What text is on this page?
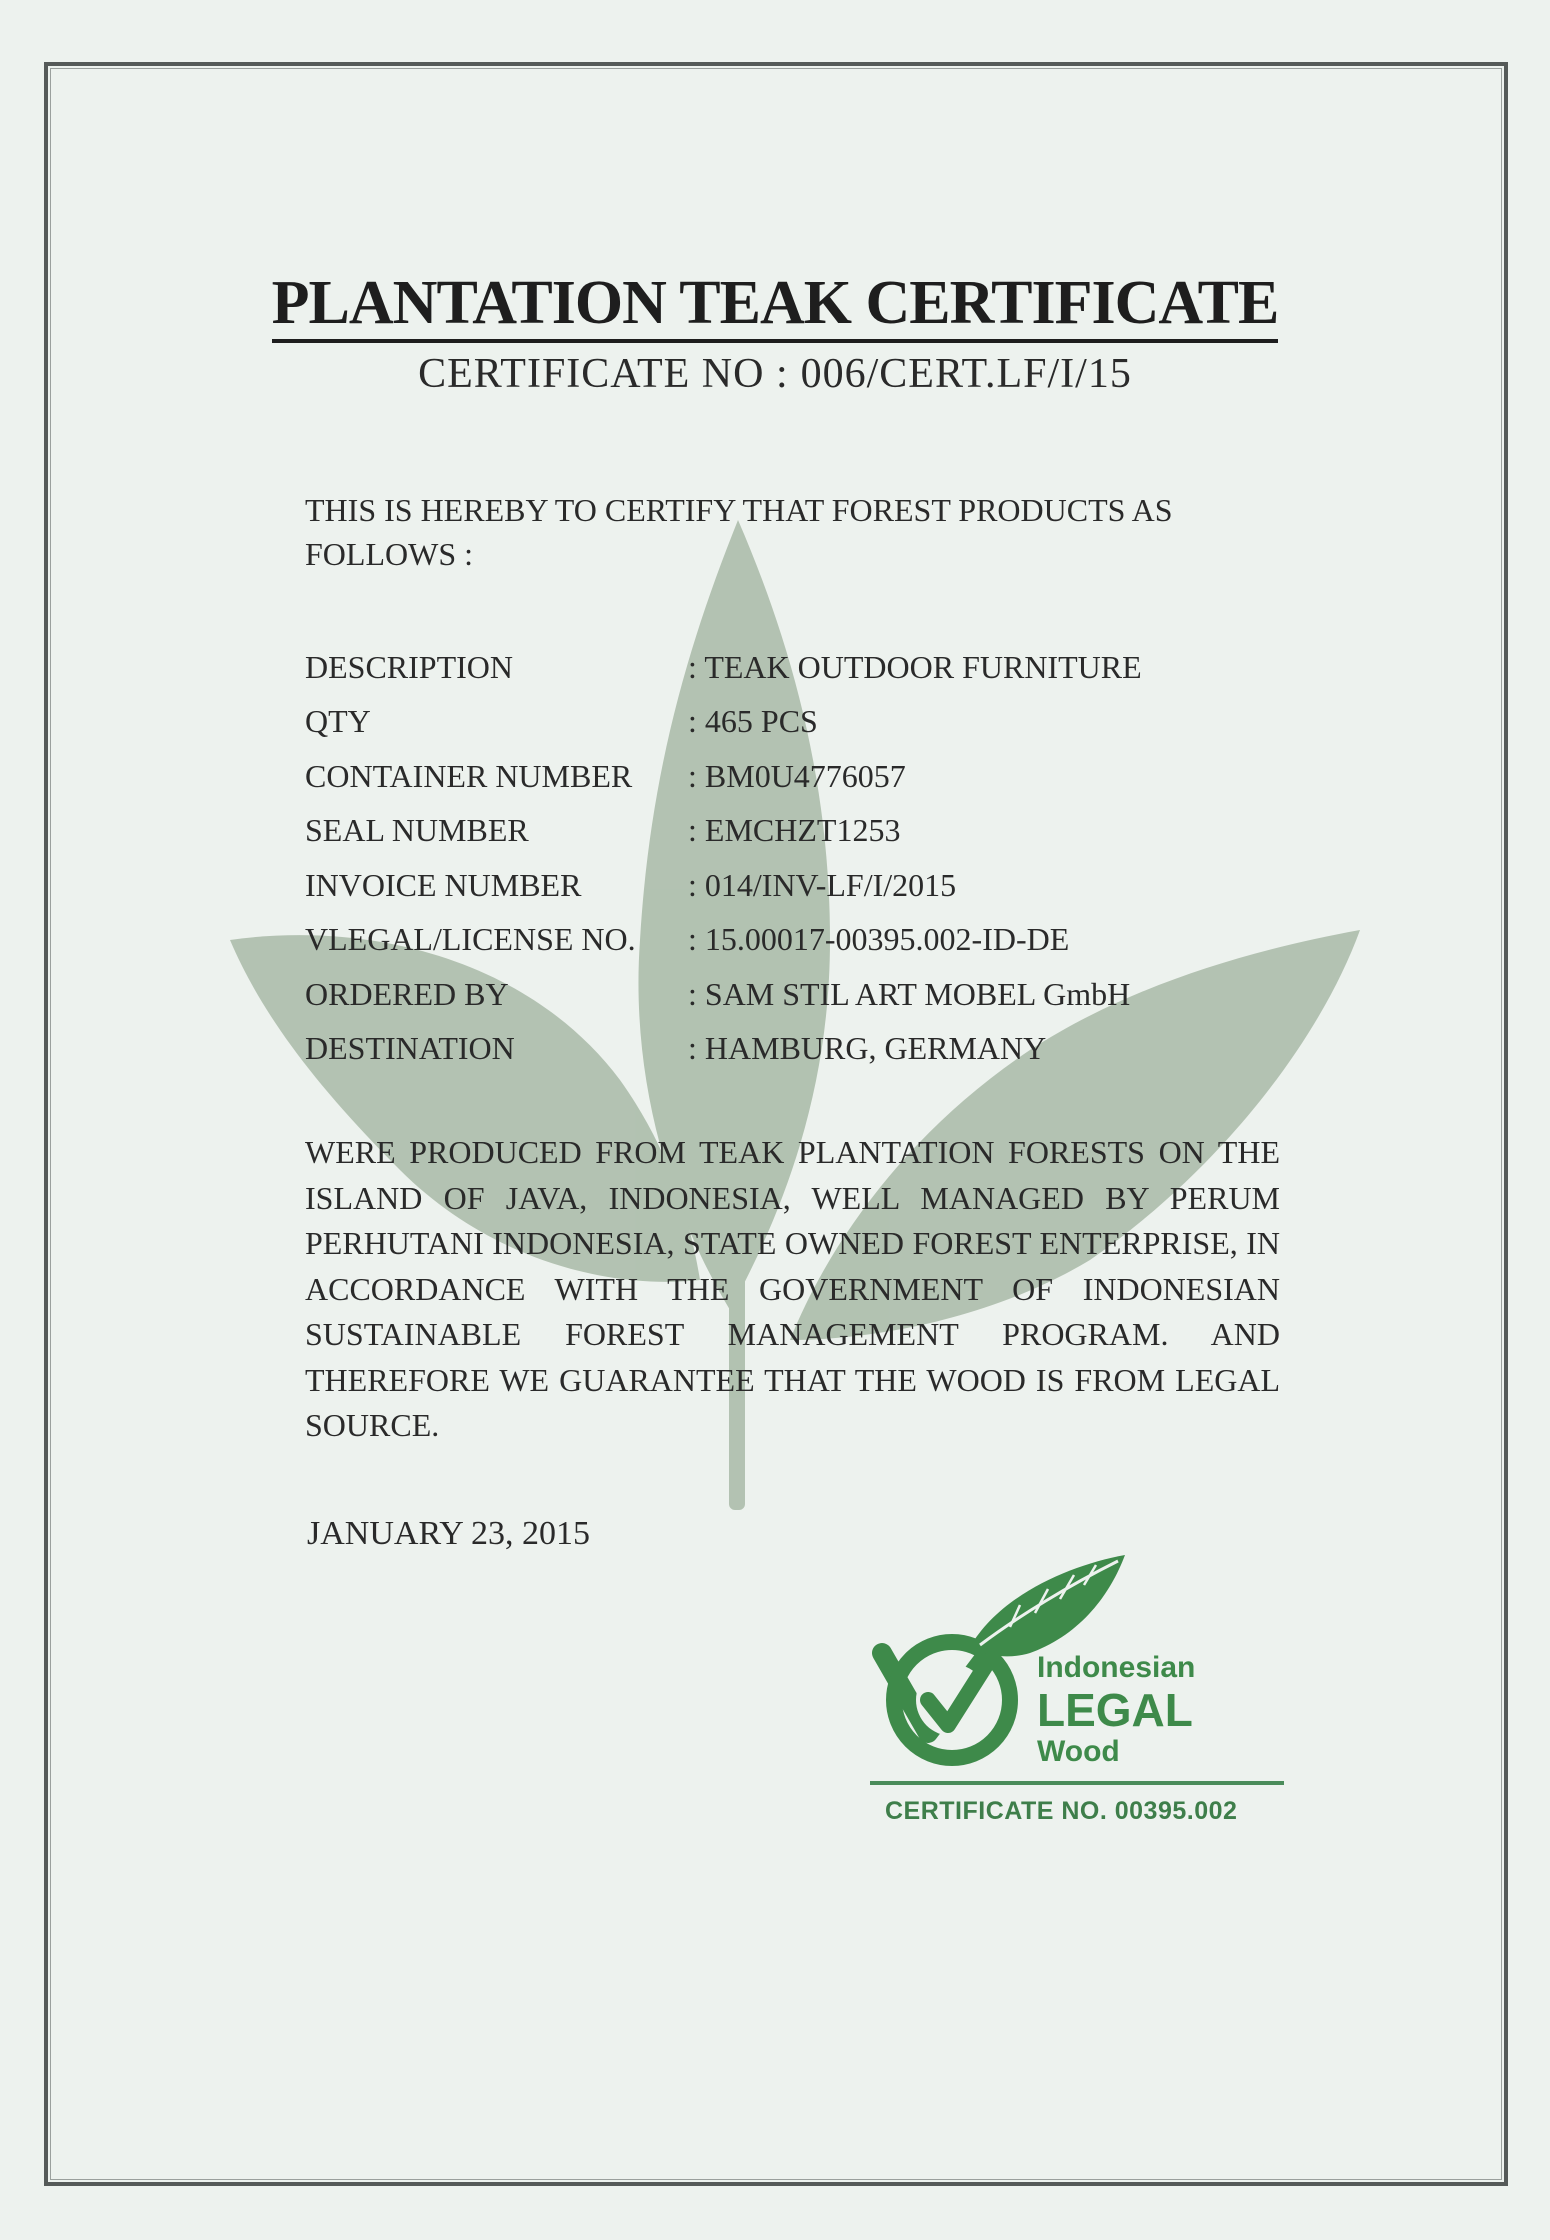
PLANTATION TEAK CERTIFICATE
CERTIFICATE NO : 006/CERT.LF/I/15
THIS IS HEREBY TO CERTIFY THAT FOREST PRODUCTS AS FOLLOWS :
DESCRIPTION	: TEAK OUTDOOR FURNITURE
QTY	: 465 PCS
CONTAINER NUMBER	: BM0U4776057
SEAL NUMBER	: EMCHZT1253
INVOICE NUMBER	: 014/INV-LF/I/2015
VLEGAL/LICENSE NO.	: 15.00017-00395.002-ID-DE
ORDERED BY	: SAM STIL ART MOBEL GmbH
DESTINATION	: HAMBURG, GERMANY
WERE PRODUCED FROM TEAK PLANTATION FORESTS ON THE ISLAND OF JAVA, INDONESIA, WELL MANAGED BY PERUM PERHUTANI INDONESIA, STATE OWNED FOREST ENTERPRISE, IN ACCORDANCE WITH THE GOVERNMENT OF INDONESIAN SUSTAINABLE FOREST MANAGEMENT PROGRAM. AND THEREFORE WE GUARANTEE THAT THE WOOD IS FROM LEGAL SOURCE.
JANUARY 23, 2015
Indonesian
LEGAL
Wood
CERTIFICATE NO. 00395.002
